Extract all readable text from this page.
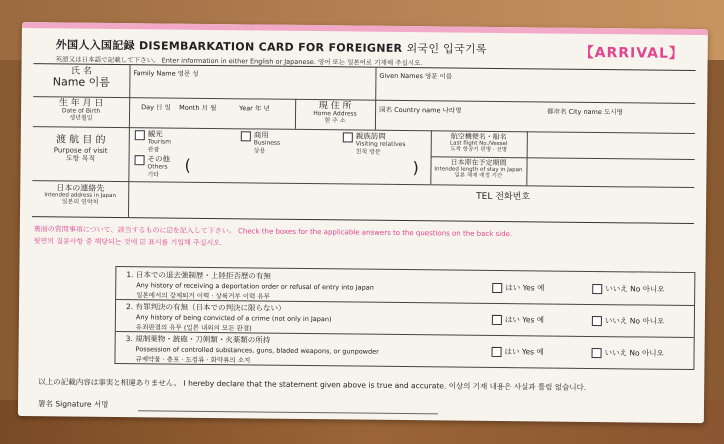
外国人入国記録 DISEMBARKATION CARD FOR FOREIGNER 외국인 입국기록	【ARRIVAL】
英語又は日本語で記載して下さい。 Enter information in either English or Japanese. 영어 또는 일본어로 기재해 주십시오.
氏 名
Name 이름
Family Name 영문 성	Given Names 영문 이름
生 年 月 日
Date of Birth
생년월일
Day 日 일 Month 月 월	Year 年 년	現 住 所
Home Address
현 주 소
国名 Country name 나라명	都市名 City name 도시명
渡 航 目 的
Purpose of visit
도항 목적
観光
Tourism
관광
商用
Business
상용
親族訪問
Visiting relatives
친척 방문
その他
Others
기타	(	)
航空機便名・船名
Last flight No./Vessel
도착 항공기 편명 · 선명
日本滞在予定期間
Intended length of stay in Japan
일본 체재 예정 기간
日本の連絡先
Intended address in Japan
일본의 연락처	TEL 전화번호
裏面の質問事項について、該当するものに☑を記入して下さい。 Check the boxes for the applicable answers to the questions on the back side.
뒷면의 질문사항 중 해당되는 것에 ☑ 표시를 기입해 주십시오.
1. 日本での退去強制歴・上陸拒否歴の有無
Any history of receiving a deportation order or refusal of entry into Japan
일본에서의 강제퇴거 이력 · 상륙거부 이력 유무
はい Yes 예	いいえ No 아니오
2. 有罪判決の有無（日本での判決に限らない）
Any history of being convicted of a crime (not only in Japan)
유죄판결의 유무 (일본 내외의 모든 판결)
はい Yes 예	いいえ No 아니오
3. 規制薬物・銃砲・刀剣類・火薬類の所持
Possession of controlled substances, guns, bladed weapons, or gunpowder
규제약물 · 총포 · 도검류 · 화약류의 소지
はい Yes 예	いいえ No 아니오
以上の記載内容は事実と相違ありません。 I hereby declare that the statement given above is true and accurate. 이상의 기재 내용은 사실과 틀림 없습니다.
署名 Signature 서명
